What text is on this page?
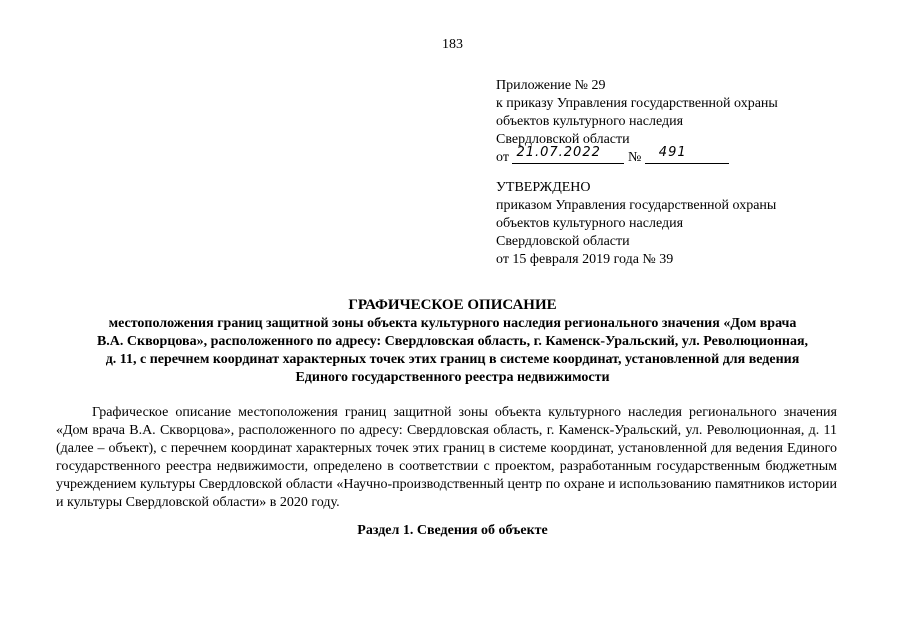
183
Приложение № 29
к приказу Управления государственной охраны
объектов культурного наследия
Свердловской области
от 21.07.2022 № 491
УТВЕРЖДЕНО
приказом Управления государственной охраны
объектов культурного наследия
Свердловской области
от 15 февраля 2019 года № 39
ГРАФИЧЕСКОЕ ОПИСАНИЕ
местоположения границ защитной зоны объекта культурного наследия регионального значения «Дом врача
В.А. Скворцова», расположенного по адресу: Свердловская область, г. Каменск-Уральский, ул. Революционная,
д. 11, с перечнем координат характерных точек этих границ в системе координат, установленной для ведения
Единого государственного реестра недвижимости
Графическое описание местоположения границ защитной зоны объекта культурного наследия регионального значения «Дом врача В.А. Скворцова», расположенного по адресу: Свердловская область, г. Каменск-Уральский, ул. Революционная, д. 11 (далее – объект), с перечнем координат характерных точек этих границ в системе координат, установленной для ведения Единого государственного реестра недвижимости, определено в соответствии с проектом, разработанным государственным бюджетным учреждением культуры Свердловской области «Научно-производственный центр по охране и использованию памятников истории и культуры Свердловской области» в 2020 году.
Раздел 1. Сведения об объекте
